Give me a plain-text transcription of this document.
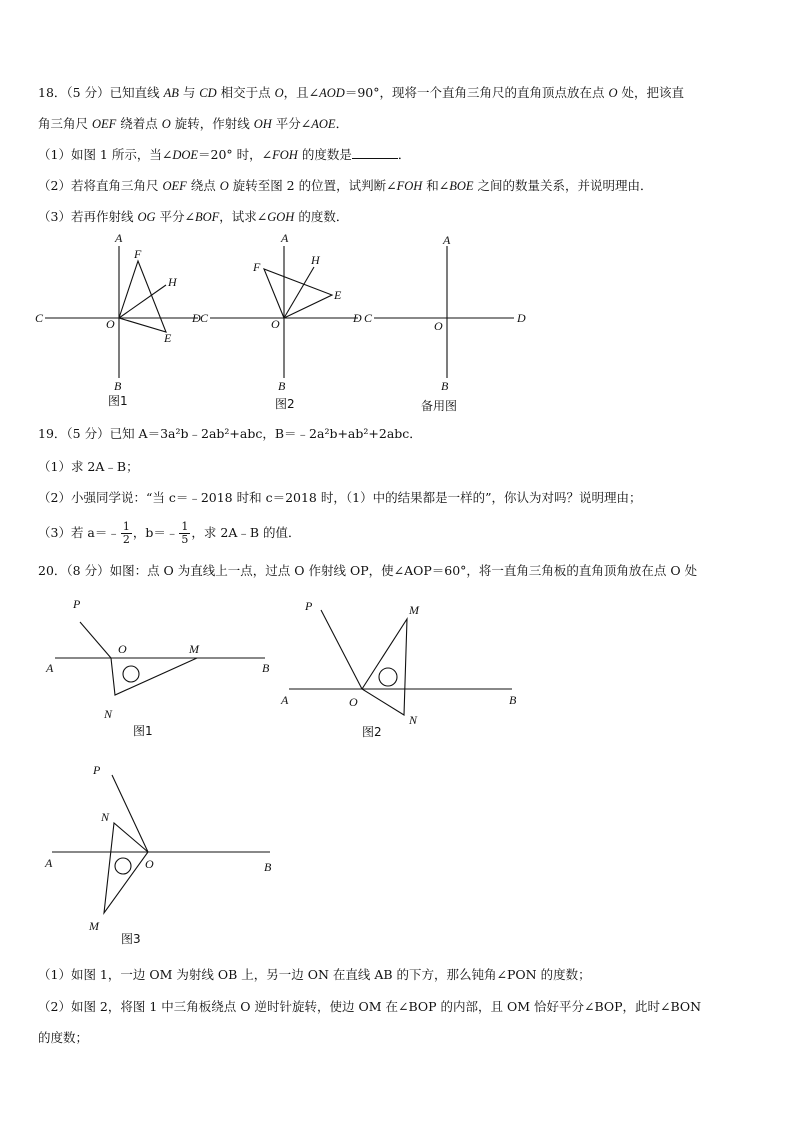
18．（5 分）已知直线 AB 与 CD 相交于点 O，且∠AOD＝90°，现将一个直角三角尺的直角顶点放在点 O 处，把该直
角三角尺 OEF 绕着点 O 旋转，作射线 OH 平分∠AOE．
（1）如图 1 所示，当∠DOE＝20° 时，∠FOH 的度数是	．
（2）若将直角三角尺 OEF 绕点 O 旋转至图 2 的位置，试判断∠FOH 和∠BOE 之间的数量关系，并说明理由．
（3）若再作射线 OG 平分∠BOF，试求∠GOH 的度数．
A
B
C	D
O
F
H
E
图1
A
B
C	D
O
F	H
E
图2
A
B
C	D
O
备用图
19．（5 分）已知 A＝3a²b﹣2ab²+abc，B＝﹣2a²b+ab²+2abc．
（1）求 2A﹣B；
（2）小强同学说：“当 c＝﹣2018 时和 c＝2018 时，（1）中的结果都是一样的”，你认为对吗？说明理由；
（3）若 a＝﹣ $\frac{1}{2}$ ，b＝﹣ $\frac{1}{5}$ ，求 2A﹣B 的值．
20．（8 分）如图：点 O 为直线上一点，过点 O 作射线 OP，使∠AOP＝60°，将一直角三角板的直角顶角放在点 O 处
P
O	M
A	B
N
图1
P	M
A	O
N
B
图2
P
N
A	O	B
M
图3
（1）如图 1，一边 OM 为射线 OB 上，另一边 ON 在直线 AB 的下方，那么钝角∠PON 的度数；
（2）如图 2，将图 1 中三角板绕点 O 逆时针旋转，使边 OM 在∠BOP 的内部，且 OM 恰好平分∠BOP，此时∠BON
的度数；
